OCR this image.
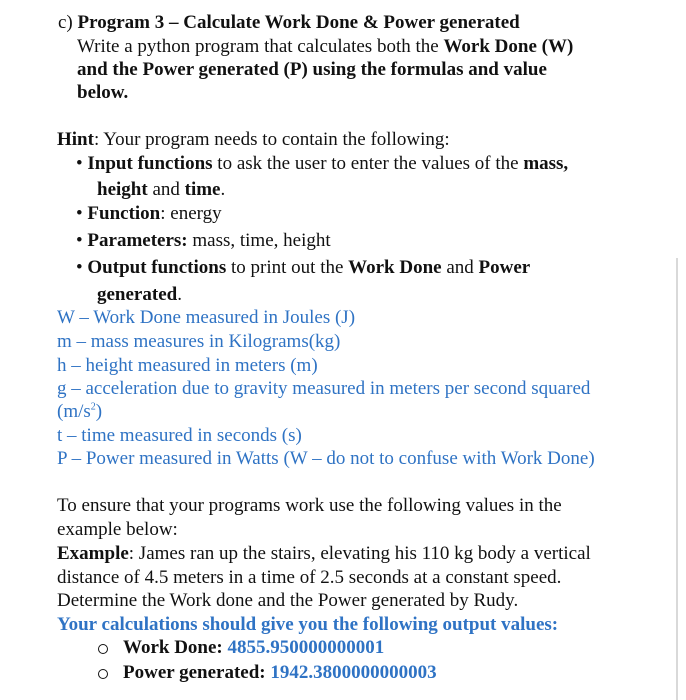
c) Program 3 – Calculate Work Done & Power generated
Write a python program that calculates both the Work Done (W)
and the Power generated (P) using the formulas and value
below.
Hint: Your program needs to contain the following:
• Input functions to ask the user to enter the values of the mass,
height and time.
• Function: energy
• Parameters: mass, time, height
• Output functions to print out the Work Done and Power
generated.
W – Work Done measured in Joules (J)
m – mass measures in Kilograms(kg)
h – height measured in meters (m)
g – acceleration due to gravity measured in meters per second squared
$(m/s^2)$
t – time measured in seconds (s)
P – Power measured in Watts (W – do not to confuse with Work Done)
To ensure that your programs work use the following values in the
example below:
Example: James ran up the stairs, elevating his 110 kg body a vertical
distance of 4.5 meters in a time of 2.5 seconds at a constant speed.
Determine the Work done and the Power generated by Rudy.
Your calculations should give you the following output values:
Work Done: 4855.950000000001
Power generated: 1942.3800000000003
